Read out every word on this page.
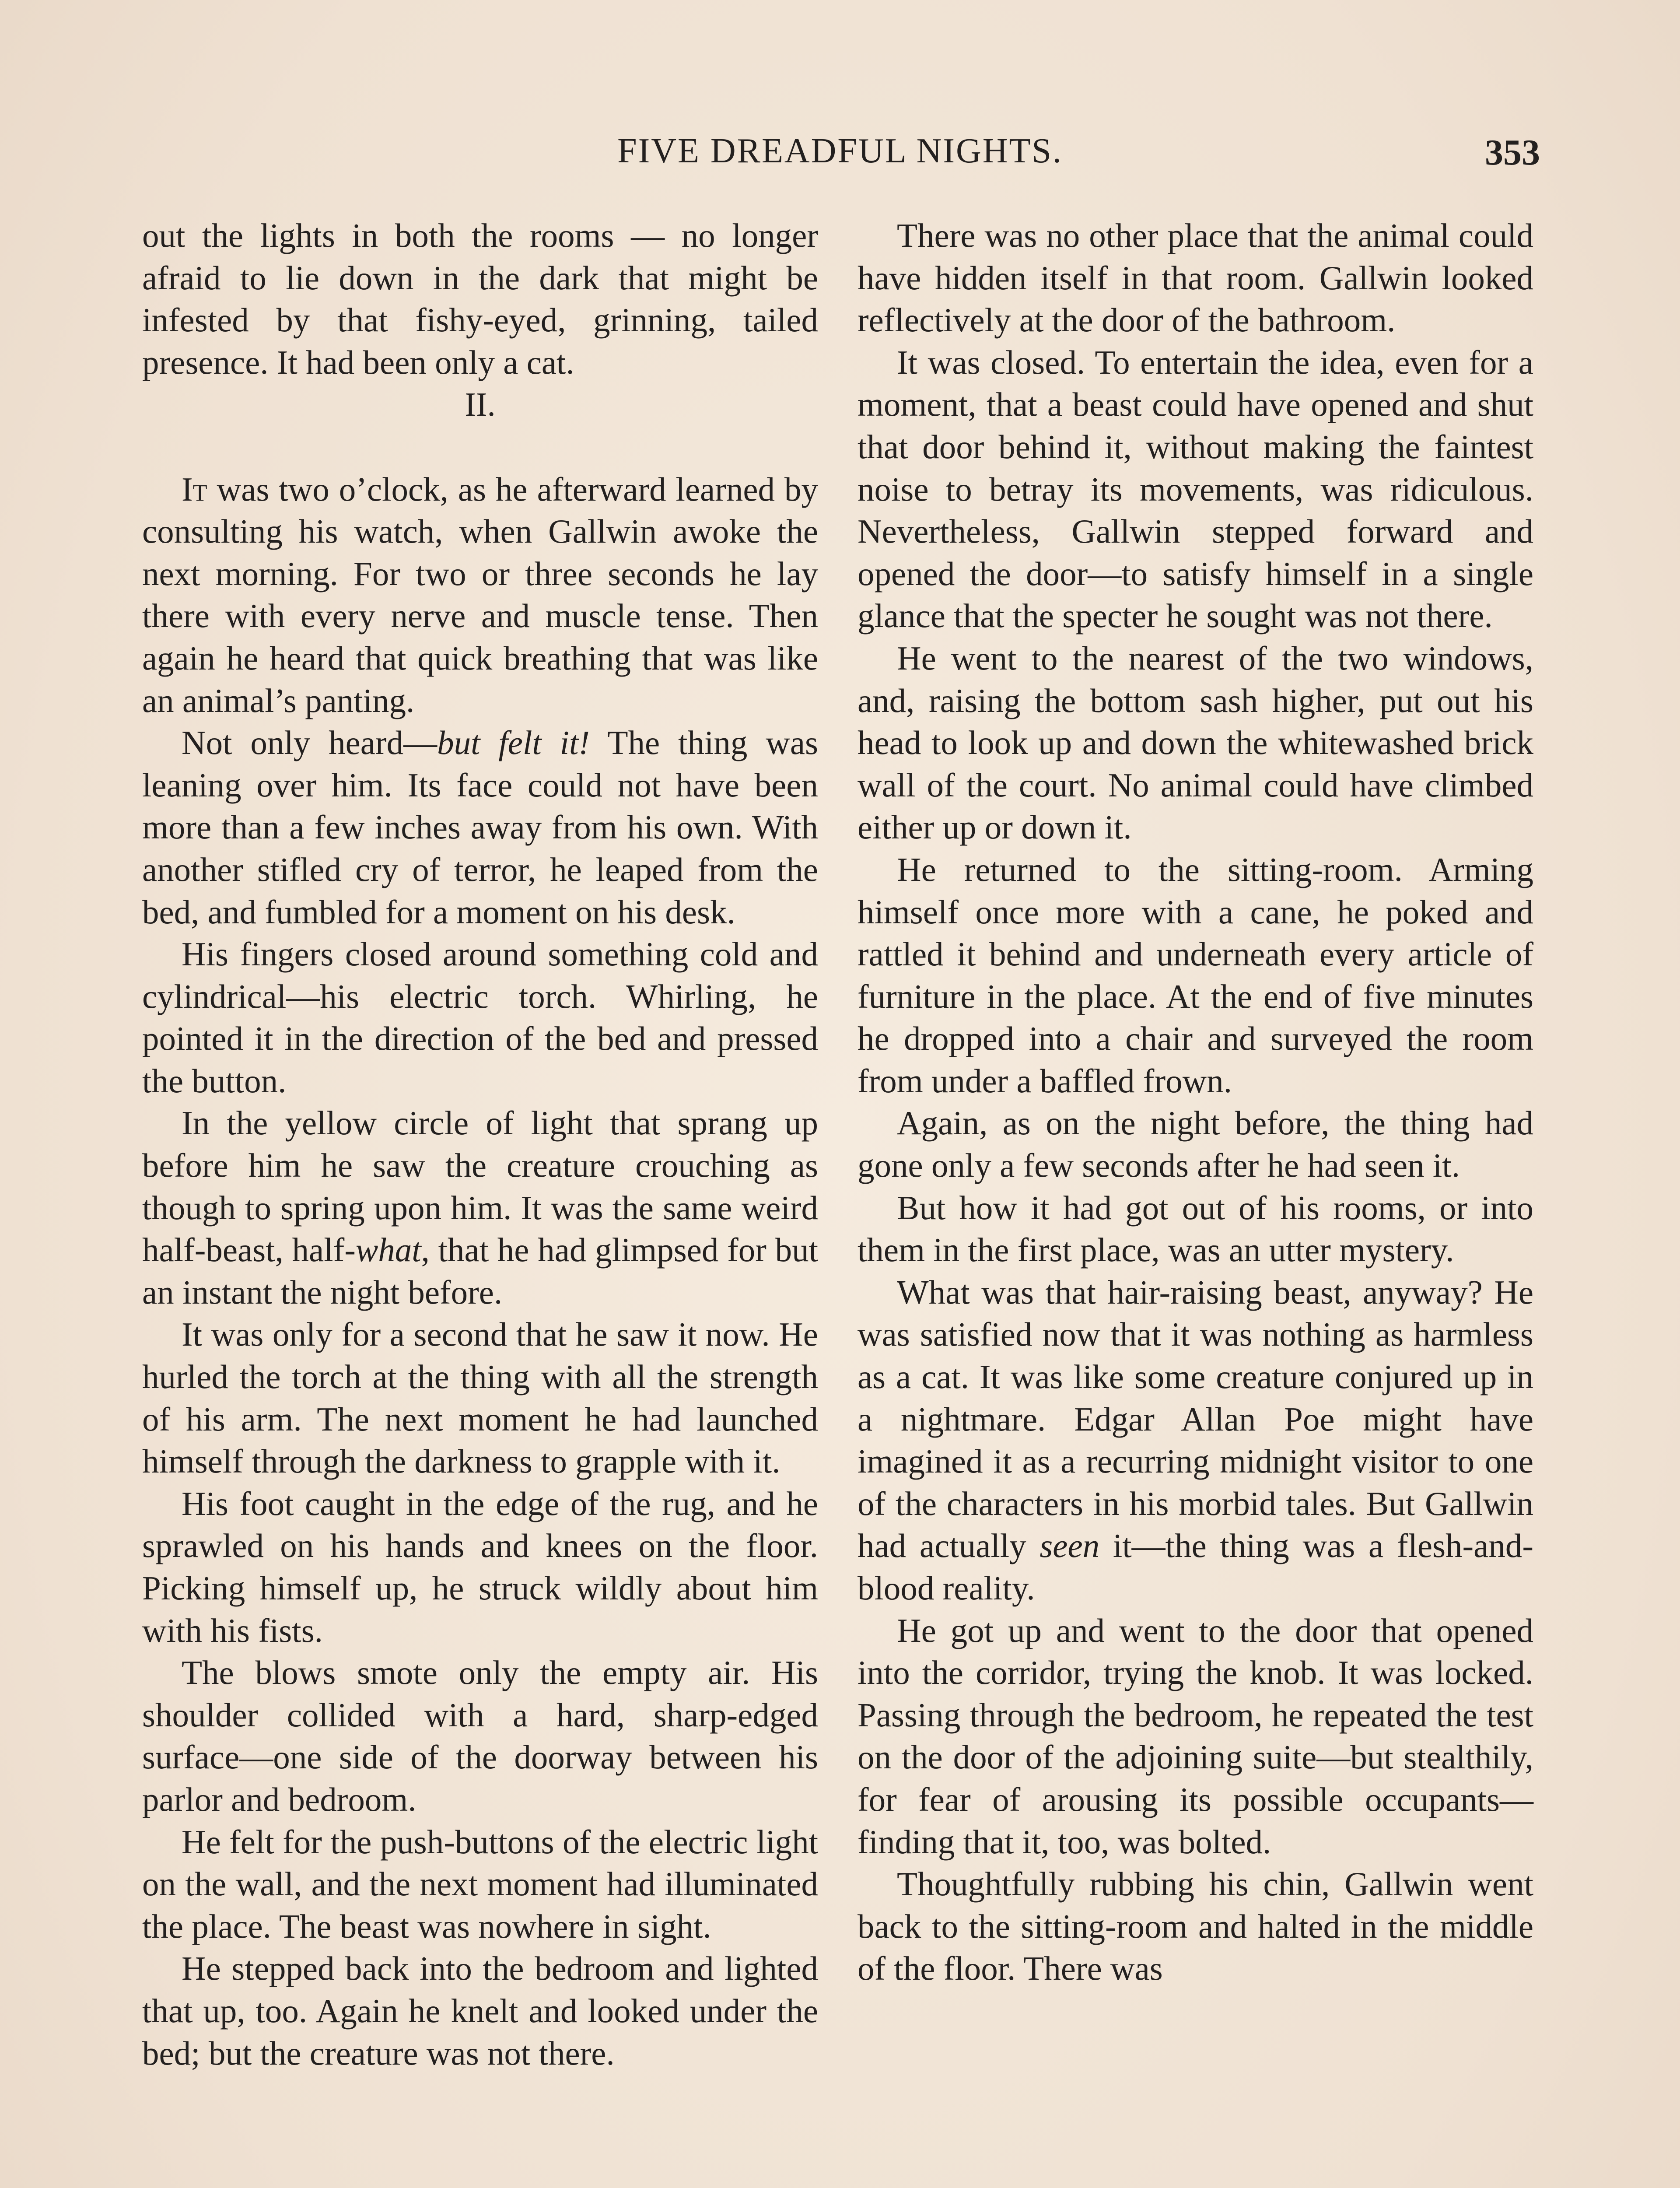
FIVE DREADFUL NIGHTS.	353

out the lights in both the rooms — no longer afraid to lie down in the dark that might be infested by that fishy-eyed, grinning, tailed presence. It had been only a cat.

II.

It was two o’clock, as he afterward learned by consulting his watch, when Gallwin awoke the next morning. For two or three seconds he lay there with every nerve and muscle tense. Then again he heard that quick breathing that was like an animal’s panting.

Not only heard—but felt it! The thing was leaning over him. Its face could not have been more than a few inches away from his own. With another stifled cry of terror, he leaped from the bed, and fumbled for a moment on his desk.

His fingers closed around something cold and cylindrical—his electric torch. Whirling, he pointed it in the direction of the bed and pressed the button.

In the yellow circle of light that sprang up before him he saw the creature crouching as though to spring upon him. It was the same weird half-beast, half-what, that he had glimpsed for but an instant the night before.

It was only for a second that he saw it now. He hurled the torch at the thing with all the strength of his arm. The next moment he had launched himself through the darkness to grapple with it.

His foot caught in the edge of the rug, and he sprawled on his hands and knees on the floor. Picking himself up, he struck wildly about him with his fists.

The blows smote only the empty air. His shoulder collided with a hard, sharp-edged surface—one side of the doorway between his parlor and bedroom.

He felt for the push-buttons of the electric light on the wall, and the next moment had illuminated the place. The beast was nowhere in sight.

He stepped back into the bedroom and lighted that up, too. Again he knelt and looked under the bed; but the creature was not there.

There was no other place that the animal could have hidden itself in that room. Gallwin looked reflectively at the door of the bathroom.

It was closed. To entertain the idea, even for a moment, that a beast could have opened and shut that door behind it, without making the faintest noise to betray its movements, was ridiculous. Nevertheless, Gallwin stepped forward and opened the door—to satisfy himself in a single glance that the specter he sought was not there.

He went to the nearest of the two windows, and, raising the bottom sash higher, put out his head to look up and down the whitewashed brick wall of the court. No animal could have climbed either up or down it.

He returned to the sitting-room. Arming himself once more with a cane, he poked and rattled it behind and underneath every article of furniture in the place. At the end of five minutes he dropped into a chair and surveyed the room from under a baffled frown.

Again, as on the night before, the thing had gone only a few seconds after he had seen it.

But how it had got out of his rooms, or into them in the first place, was an utter mystery.

What was that hair-raising beast, anyway? He was satisfied now that it was nothing as harmless as a cat. It was like some creature conjured up in a nightmare. Edgar Allan Poe might have imagined it as a recurring midnight visitor to one of the characters in his morbid tales. But Gallwin had actually seen it—the thing was a flesh-and-blood reality.

He got up and went to the door that opened into the corridor, trying the knob. It was locked. Passing through the bedroom, he repeated the test on the door of the adjoining suite—but stealthily, for fear of arousing its possible occupants—finding that it, too, was bolted.

Thoughtfully rubbing his chin, Gallwin went back to the sitting-room and halted in the middle of the floor. There was
